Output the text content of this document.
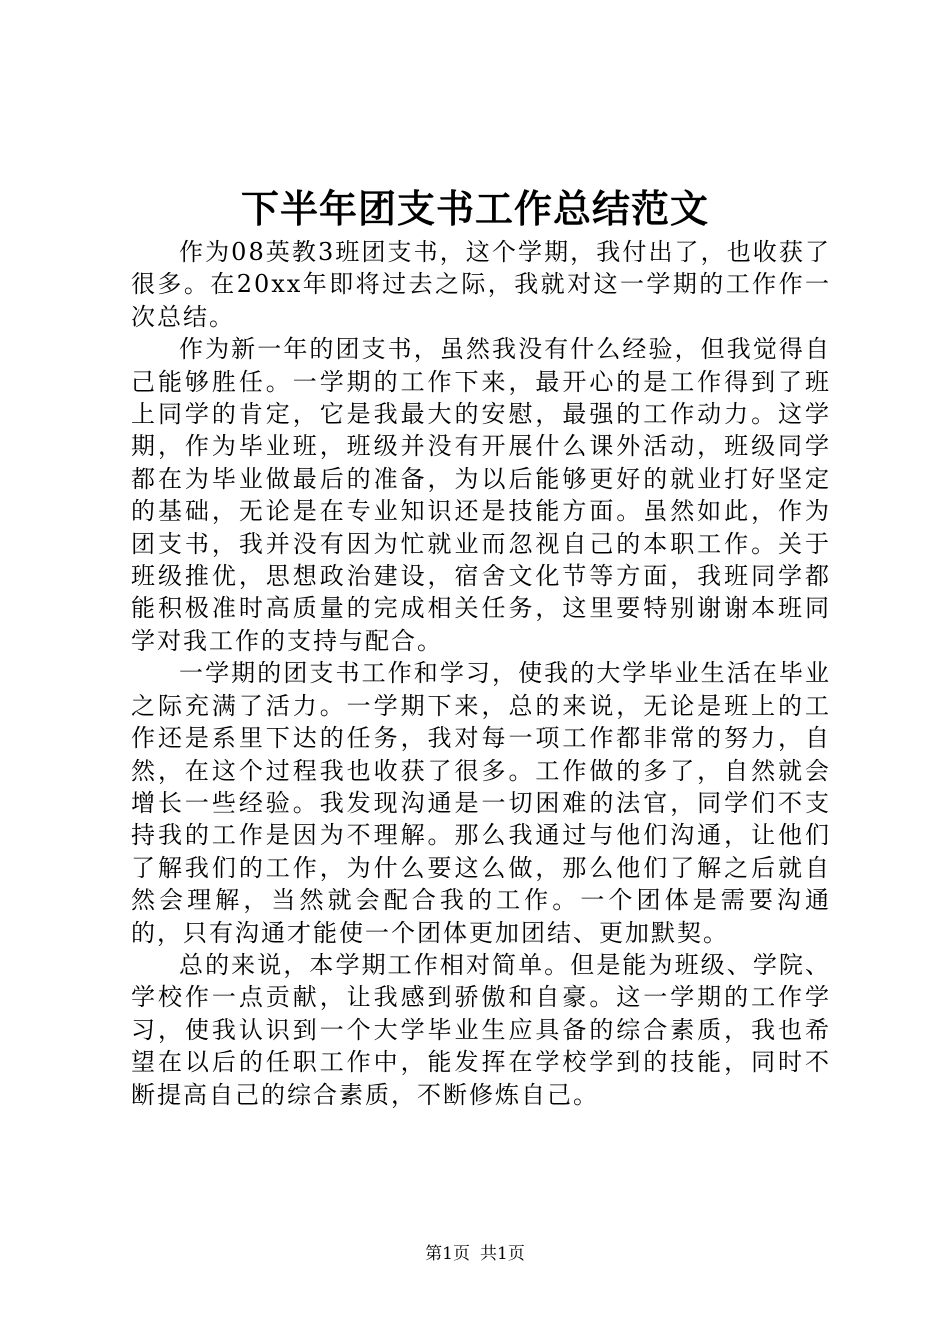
下半年团支书工作总结范文

作为08英教3班团支书，这个学期，我付出了，也收获了很多。在20xx年即将过去之际，我就对这一学期的工作作一次总结。

作为新一年的团支书，虽然我没有什么经验，但我觉得自己能够胜任。一学期的工作下来，最开心的是工作得到了班上同学的肯定，它是我最大的安慰，最强的工作动力。这学期，作为毕业班，班级并没有开展什么课外活动，班级同学都在为毕业做最后的准备，为以后能够更好的就业打好坚定的基础，无论是在专业知识还是技能方面。虽然如此，作为团支书，我并没有因为忙就业而忽视自己的本职工作。关于班级推优，思想政治建设，宿舍文化节等方面，我班同学都能积极准时高质量的完成相关任务，这里要特别谢谢本班同学对我工作的支持与配合。

一学期的团支书工作和学习，使我的大学毕业生活在毕业之际充满了活力。一学期下来，总的来说，无论是班上的工作还是系里下达的任务，我对每一项工作都非常的努力，自然，在这个过程我也收获了很多。工作做的多了，自然就会增长一些经验。我发现沟通是一切困难的法官，同学们不支持我的工作是因为不理解。那么我通过与他们沟通，让他们了解我们的工作，为什么要这么做，那么他们了解之后就自然会理解，当然就会配合我的工作。一个团体是需要沟通的，只有沟通才能使一个团体更加团结、更加默契。

总的来说，本学期工作相对简单。但是能为班级、学院、学校作一点贡献，让我感到骄傲和自豪。这一学期的工作学习，使我认识到一个大学毕业生应具备的综合素质，我也希望在以后的任职工作中，能发挥在学校学到的技能，同时不断提高自己的综合素质，不断修炼自己。

第1页 共1页
